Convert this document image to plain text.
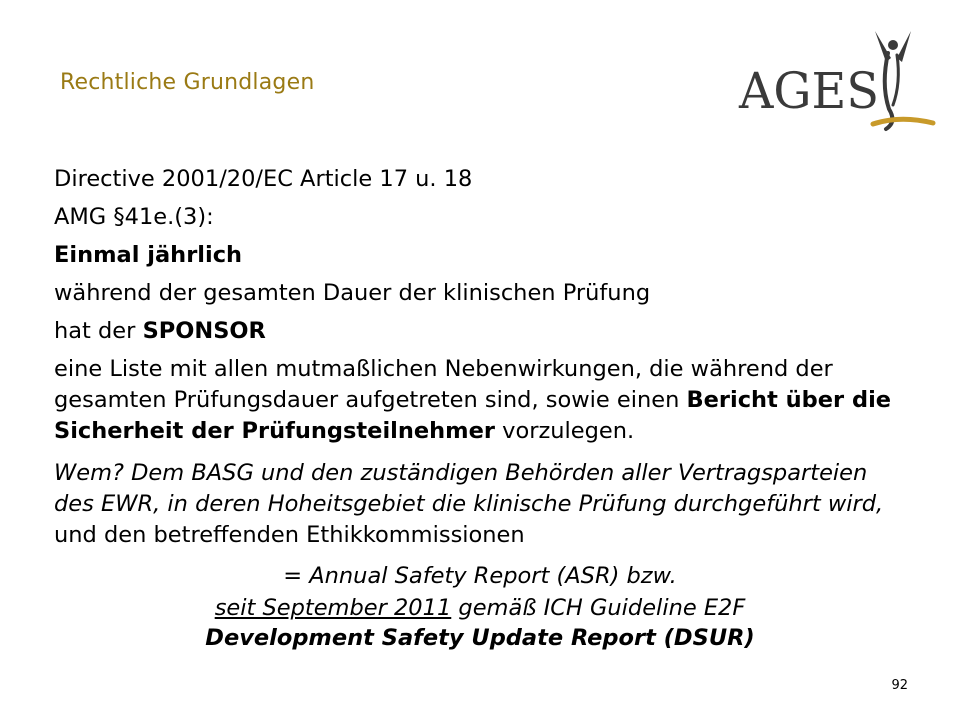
Rechtliche Grundlagen	AGES
Directive 2001/20/EC Article 17 u. 18
AMG §41e.(3):
Einmal jährlich
während der gesamten Dauer der klinischen Prüfung
hat der SPONSOR
eine Liste mit allen mutmaßlichen Nebenwirkungen, die während der gesamten Prüfungsdauer aufgetreten sind, sowie einen Bericht über die Sicherheit der Prüfungsteilnehmer vorzulegen.
Wem? Dem BASG und den zuständigen Behörden aller Vertragsparteien des EWR, in deren Hoheitsgebiet die klinische Prüfung durchgeführt wird, und den betreffenden Ethikkommissionen
= Annual Safety Report (ASR) bzw.
seit September 2011 gemäß ICH Guideline E2F
Development Safety Update Report (DSUR)
92
